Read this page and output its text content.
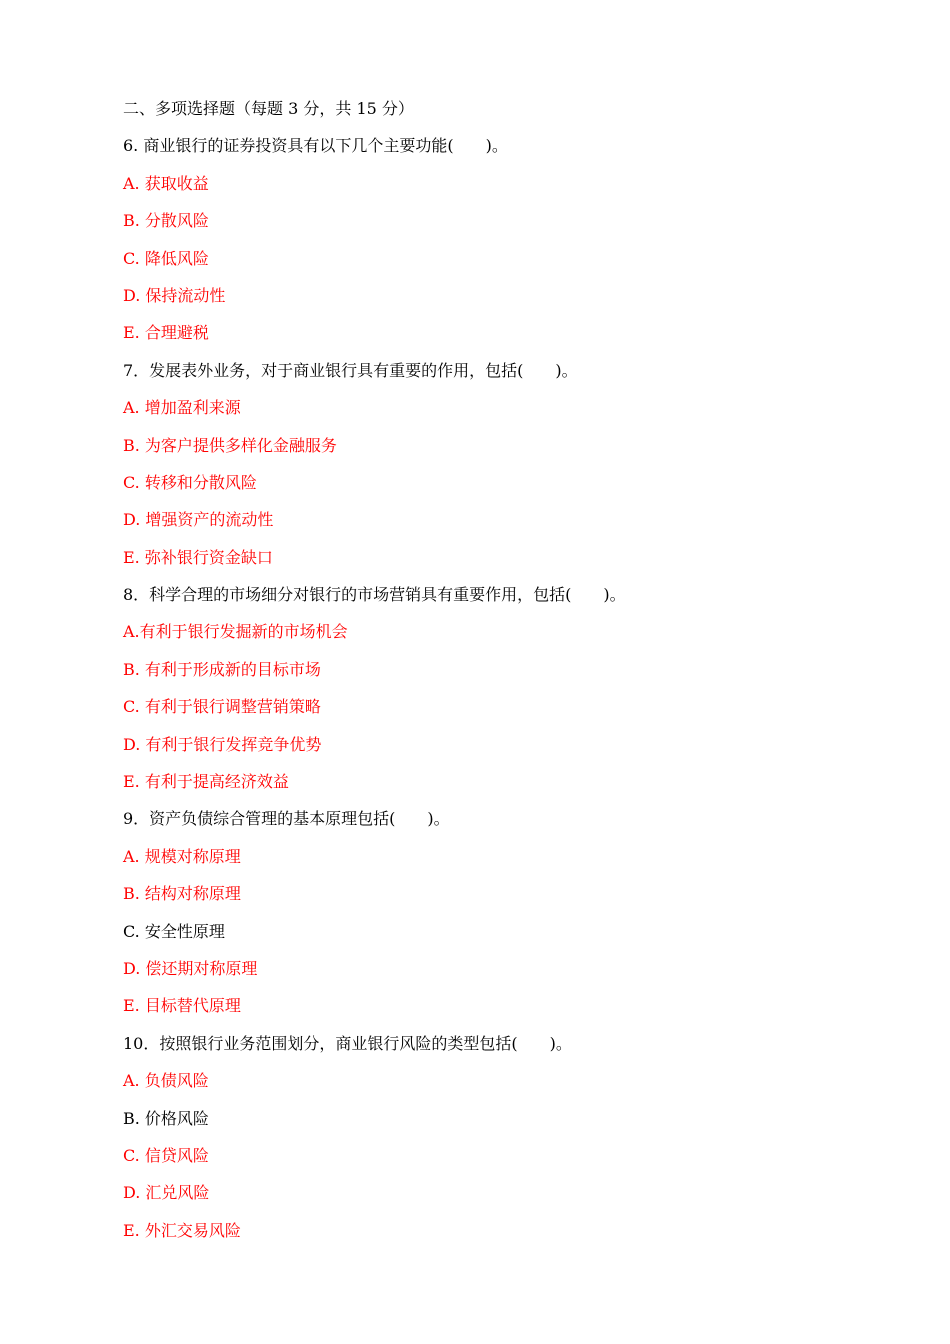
二、多项选择题（每题 3 分，共 15 分）
6. 商业银行的证券投资具有以下几个主要功能(　　)。
A. 获取收益
B. 分散风险
C. 降低风险
D. 保持流动性
E. 合理避税
7．发展表外业务，对于商业银行具有重要的作用，包括(　　)。
A. 增加盈利来源
B. 为客户提供多样化金融服务
C. 转移和分散风险
D. 增强资产的流动性
E. 弥补银行资金缺口
8．科学合理的市场细分对银行的市场营销具有重要作用，包括(　　)。
A.有利于银行发掘新的市场机会
B. 有利于形成新的目标市场
C. 有利于银行调整营销策略
D. 有利于银行发挥竞争优势
E. 有利于提高经济效益
9．资产负债综合管理的基本原理包括(　　)。
A. 规模对称原理
B. 结构对称原理
C. 安全性原理
D. 偿还期对称原理
E. 目标替代原理
10．按照银行业务范围划分，商业银行风险的类型包括(　　)。
A. 负债风险
B. 价格风险
C. 信贷风险
D. 汇兑风险
E. 外汇交易风险
